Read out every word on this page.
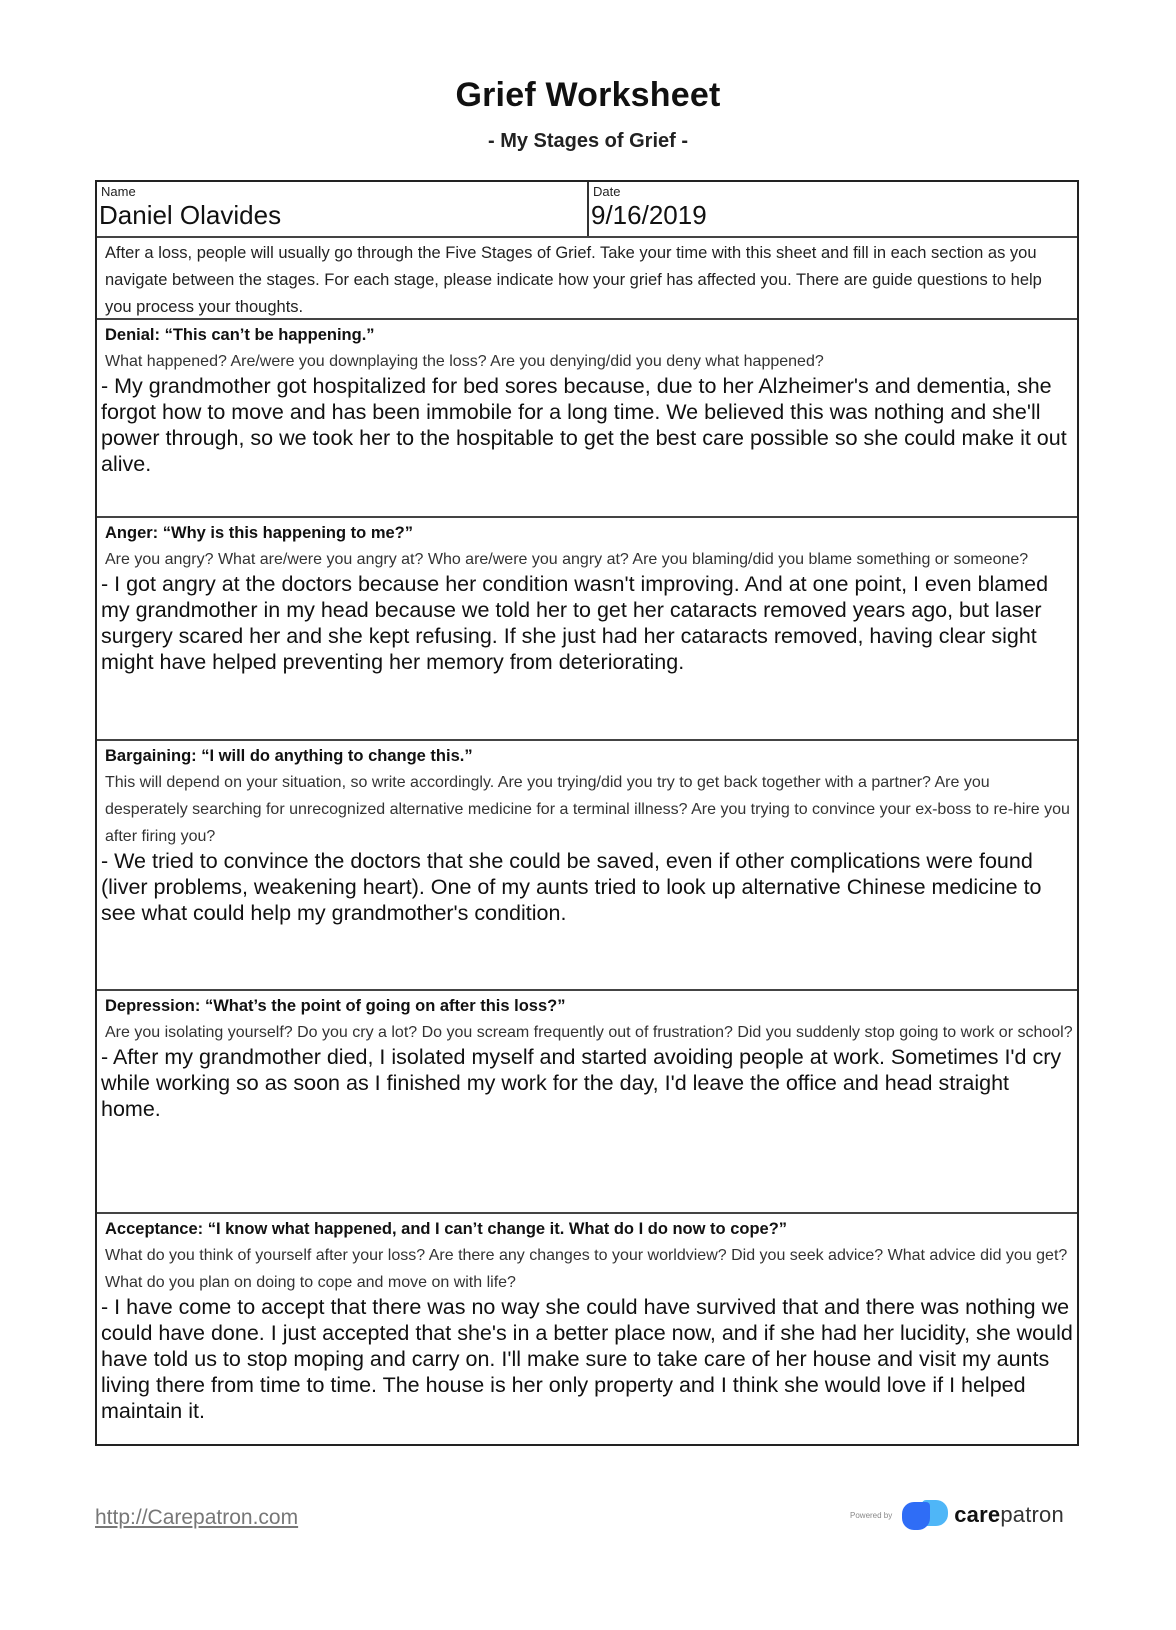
Grief Worksheet
- My Stages of Grief -
Name
Daniel Olavides
Date
9/16/2019
After a loss, people will usually go through the Five Stages of Grief. Take your time with this sheet and fill in each section as you navigate between the stages. For each stage, please indicate how your grief has affected you. There are guide questions to help you process your thoughts.
Denial: “This can’t be happening.”
What happened? Are/were you downplaying the loss? Are you denying/did you deny what happened?
- My grandmother got hospitalized for bed sores because, due to her Alzheimer's and dementia, she forgot how to move and has been immobile for a long time. We believed this was nothing and she'll power through, so we took her to the hospitable to get the best care possible so she could make it out alive.
Anger: “Why is this happening to me?”
Are you angry? What are/were you angry at? Who are/were you angry at? Are you blaming/did you blame something or someone?
- I got angry at the doctors because her condition wasn't improving. And at one point, I even blamed my grandmother in my head because we told her to get her cataracts removed years ago, but laser surgery scared her and she kept refusing. If she just had her cataracts removed, having clear sight might have helped preventing her memory from deteriorating.
Bargaining: “I will do anything to change this.”
This will depend on your situation, so write accordingly. Are you trying/did you try to get back together with a partner? Are you desperately searching for unrecognized alternative medicine for a terminal illness? Are you trying to convince your ex-boss to re-hire you after firing you?
- We tried to convince the doctors that she could be saved, even if other complications were found (liver problems, weakening heart). One of my aunts tried to look up alternative Chinese medicine to see what could help my grandmother's condition.
Depression: “What’s the point of going on after this loss?”
Are you isolating yourself? Do you cry a lot? Do you scream frequently out of frustration? Did you suddenly stop going to work or school?
- After my grandmother died, I isolated myself and started avoiding people at work. Sometimes I'd cry while working so as soon as I finished my work for the day, I'd leave the office and head straight home.
Acceptance: “I know what happened, and I can’t change it. What do I do now to cope?”
What do you think of yourself after your loss? Are there any changes to your worldview? Did you seek advice? What advice did you get? What do you plan on doing to cope and move on with life?
- I have come to accept that there was no way she could have survived that and there was nothing we could have done. I just accepted that she's in a better place now, and if she had her lucidity, she would have told us to stop moping and carry on. I'll make sure to take care of her house and visit my aunts living there from time to time. The house is her only property and I think she would love if I helped maintain it.
http://Carepatron.com	Powered by	carepatron
